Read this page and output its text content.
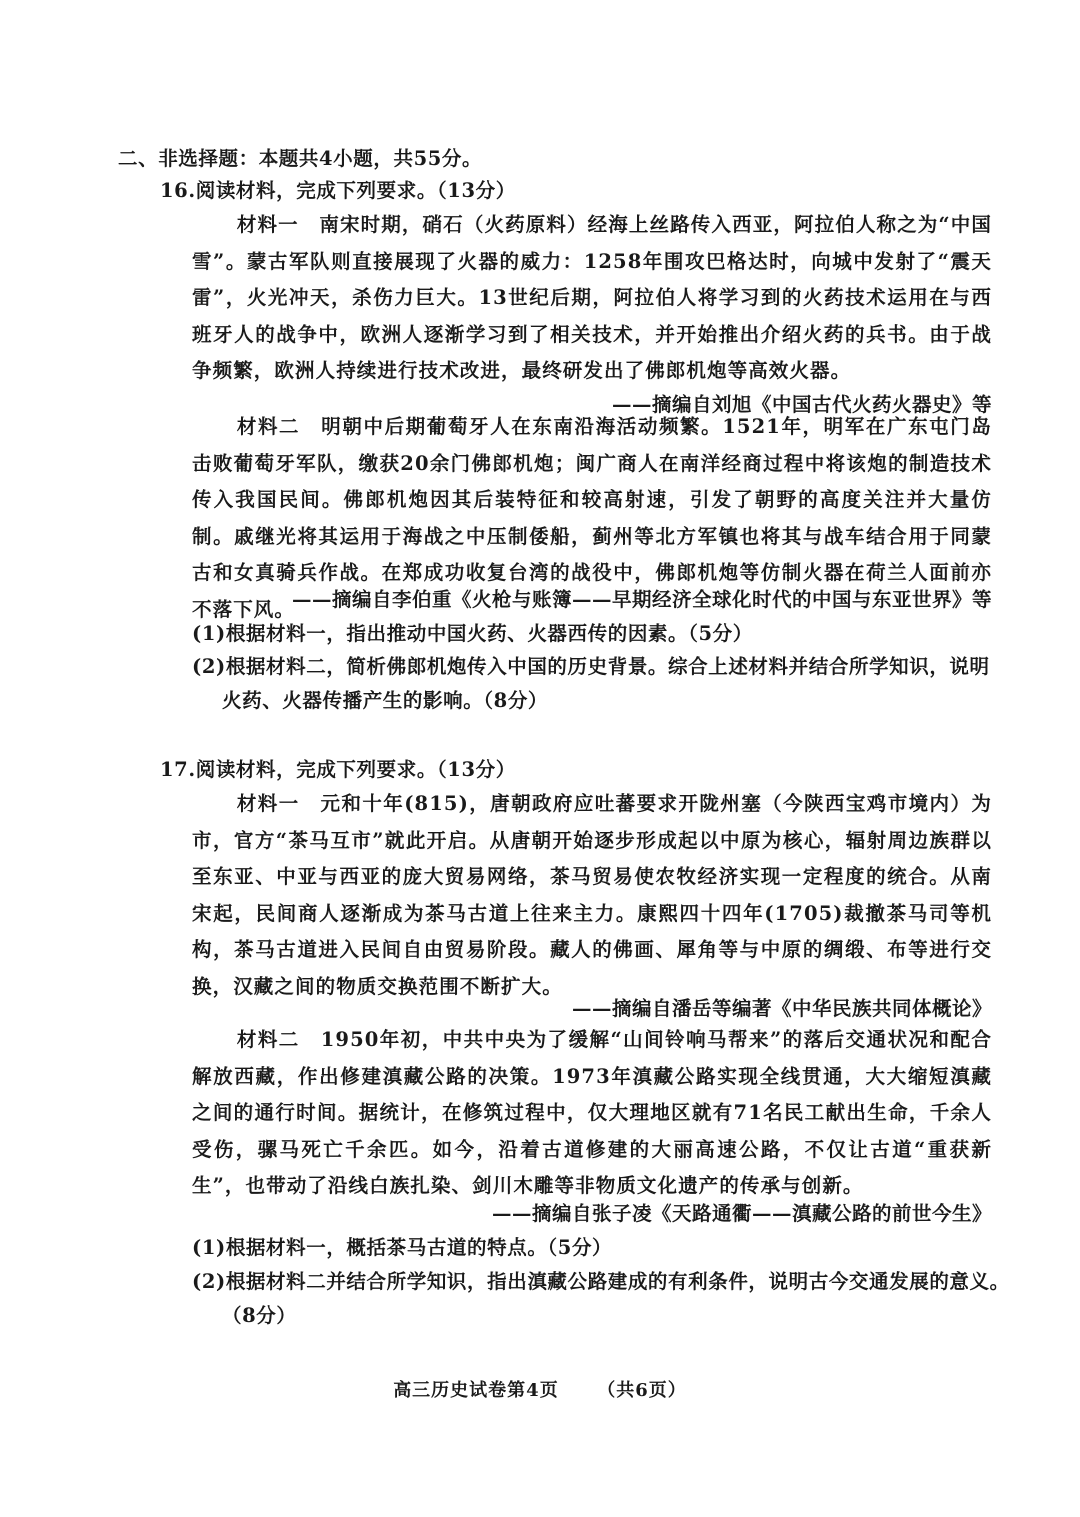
二、非选择题：本题共4小题，共55分。
16.阅读材料，完成下列要求。（13分）
材料一　南宋时期，硝石（火药原料）经海上丝路传入西亚，阿拉伯人称之为“中国雪”。蒙古军队则直接展现了火器的威力：1258年围攻巴格达时，向城中发射了“震天雷”，火光冲天，杀伤力巨大。13世纪后期，阿拉伯人将学习到的火药技术运用在与西班牙人的战争中，欧洲人逐渐学习到了相关技术，并开始推出介绍火药的兵书。由于战争频繁，欧洲人持续进行技术改进，最终研发出了佛郎机炮等高效火器。
——摘编自刘旭《中国古代火药火器史》等
材料二　明朝中后期葡萄牙人在东南沿海活动频繁。1521年，明军在广东屯门岛击败葡萄牙军队，缴获20余门佛郎机炮；闽广商人在南洋经商过程中将该炮的制造技术传入我国民间。佛郎机炮因其后装特征和较高射速，引发了朝野的高度关注并大量仿制。戚继光将其运用于海战之中压制倭船，蓟州等北方军镇也将其与战车结合用于同蒙古和女真骑兵作战。在郑成功收复台湾的战役中，佛郎机炮等仿制火器在荷兰人面前亦不落下风。
——摘编自李伯重《火枪与账簿——早期经济全球化时代的中国与东亚世界》等
(1)根据材料一，指出推动中国火药、火器西传的因素。（5分）
(2)根据材料二，简析佛郎机炮传入中国的历史背景。综合上述材料并结合所学知识，说明
火药、火器传播产生的影响。（8分）
17.阅读材料，完成下列要求。（13分）
材料一　元和十年(815)，唐朝政府应吐蕃要求开陇州塞（今陕西宝鸡市境内）为市，官方“茶马互市”就此开启。从唐朝开始逐步形成起以中原为核心，辐射周边族群以至东亚、中亚与西亚的庞大贸易网络，茶马贸易使农牧经济实现一定程度的统合。从南宋起，民间商人逐渐成为茶马古道上往来主力。康熙四十四年(1705)裁撤茶马司等机构，茶马古道进入民间自由贸易阶段。藏人的佛画、犀角等与中原的绸缎、布等进行交换，汉藏之间的物质交换范围不断扩大。
——摘编自潘岳等编著《中华民族共同体概论》
材料二　1950年初，中共中央为了缓解“山间铃响马帮来”的落后交通状况和配合解放西藏，作出修建滇藏公路的决策。1973年滇藏公路实现全线贯通，大大缩短滇藏之间的通行时间。据统计，在修筑过程中，仅大理地区就有71名民工献出生命，千余人受伤，骡马死亡千余匹。如今，沿着古道修建的大丽高速公路，不仅让古道“重获新生”，也带动了沿线白族扎染、剑川木雕等非物质文化遗产的传承与创新。
——摘编自张子凌《天路通衢——滇藏公路的前世今生》
(1)根据材料一，概括茶马古道的特点。（5分）
(2)根据材料二并结合所学知识，指出滇藏公路建成的有利条件，说明古今交通发展的意义。
（8分）
高三历史试卷第4页 （共6页）
